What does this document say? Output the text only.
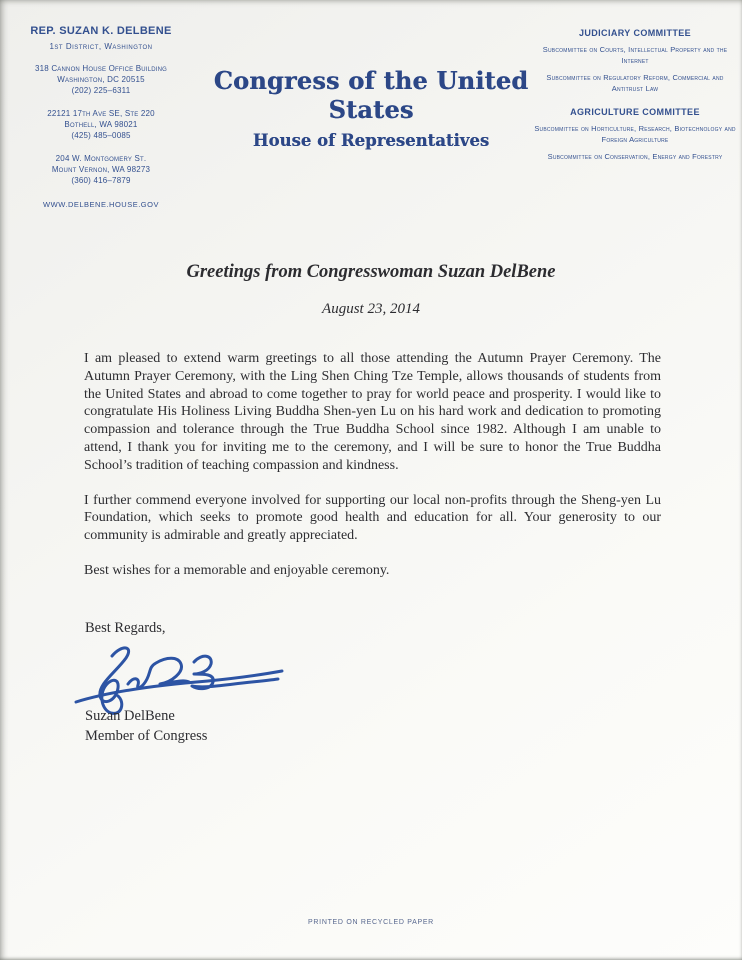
REP. SUZAN K. DELBENE
1st District, Washington
318 Cannon House Office Building
Washington, DC 20515
(202) 225–6311
22121 17th Ave SE, Ste 220
Bothell, WA 98021
(425) 485–0085
204 W. Montgomery St.
Mount Vernon, WA 98273
(360) 416–7879
WWW.DELBENE.HOUSE.GOV
Congress of the United States
House of Representatives
JUDICIARY COMMITTEE
Subcommittee on Courts, Intellectual Property and the Internet
Subcommittee on Regulatory Reform, Commercial and Antitrust Law
AGRICULTURE COMMITTEE
Subcommittee on Horticulture, Research, Biotechnology and Foreign Agriculture
Subcommittee on Conservation, Energy and Forestry
Greetings from Congresswoman Suzan DelBene
August 23, 2014

I am pleased to extend warm greetings to all those attending the Autumn Prayer Ceremony. The Autumn Prayer Ceremony, with the Ling Shen Ching Tze Temple, allows thousands of students from the United States and abroad to come together to pray for world peace and prosperity. I would like to congratulate His Holiness Living Buddha Shen-yen Lu on his hard work and dedication to promoting compassion and tolerance through the True Buddha School since 1982. Although I am unable to attend, I thank you for inviting me to the ceremony, and I will be sure to honor the True Buddha School’s tradition of teaching compassion and kindness.

I further commend everyone involved for supporting our local non-profits through the Sheng-yen Lu Foundation, which seeks to promote good health and education for all. Your generosity to our community is admirable and greatly appreciated.

Best wishes for a memorable and enjoyable ceremony.

Best Regards,
Suzan DelBene
Member of Congress
PRINTED ON RECYCLED PAPER
